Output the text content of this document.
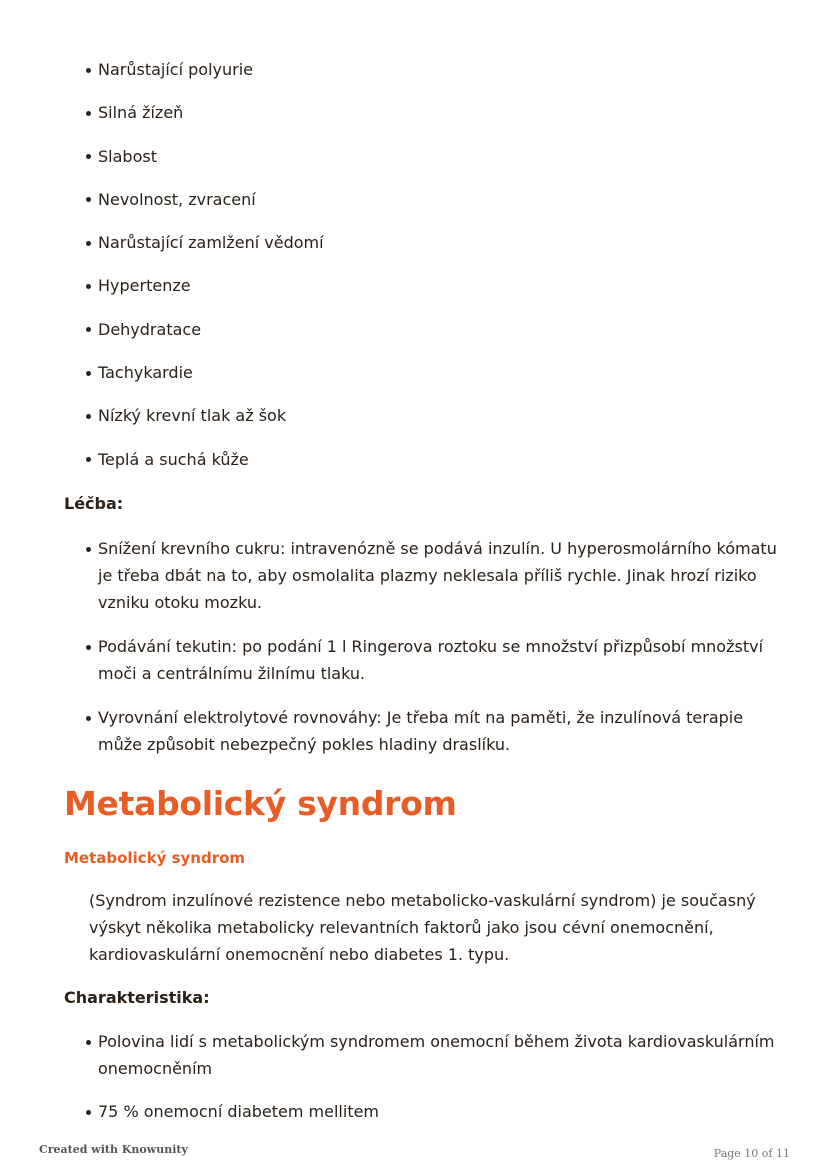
Narůstající polyurie
Silná žízeň
Slabost
Nevolnost, zvracení
Narůstající zamlžení vědomí
Hypertenze
Dehydratace
Tachykardie
Nízký krevní tlak až šok
Teplá a suchá kůže
Léčba:
Snížení krevního cukru: intravenózně se podává inzulín. U hyperosmolárního kómatu je třeba dbát na to, aby osmolalita plazmy neklesala příliš rychle. Jinak hrozí riziko vzniku otoku mozku.
Podávání tekutin: po podání 1 l Ringerova roztoku se množství přizpůsobí množství moči a centrálnímu žilnímu tlaku.
Vyrovnání elektrolytové rovnováhy: Je třeba mít na paměti, že inzulínová terapie může způsobit nebezpečný pokles hladiny draslíku.
Metabolický syndrom
Metabolický syndrom

(Syndrom inzulínové rezistence nebo metabolicko-vaskulární syndrom) je současný výskyt několika metabolicky relevantních faktorů jako jsou cévní onemocnění, kardiovaskulární onemocnění nebo diabetes 1. typu.

Charakteristika:
Polovina lidí s metabolickým syndromem onemocní během života kardiovaskulárním onemocněním
75 % onemocní diabetem mellitem
Created with Knowunity	Page 10 of 11
